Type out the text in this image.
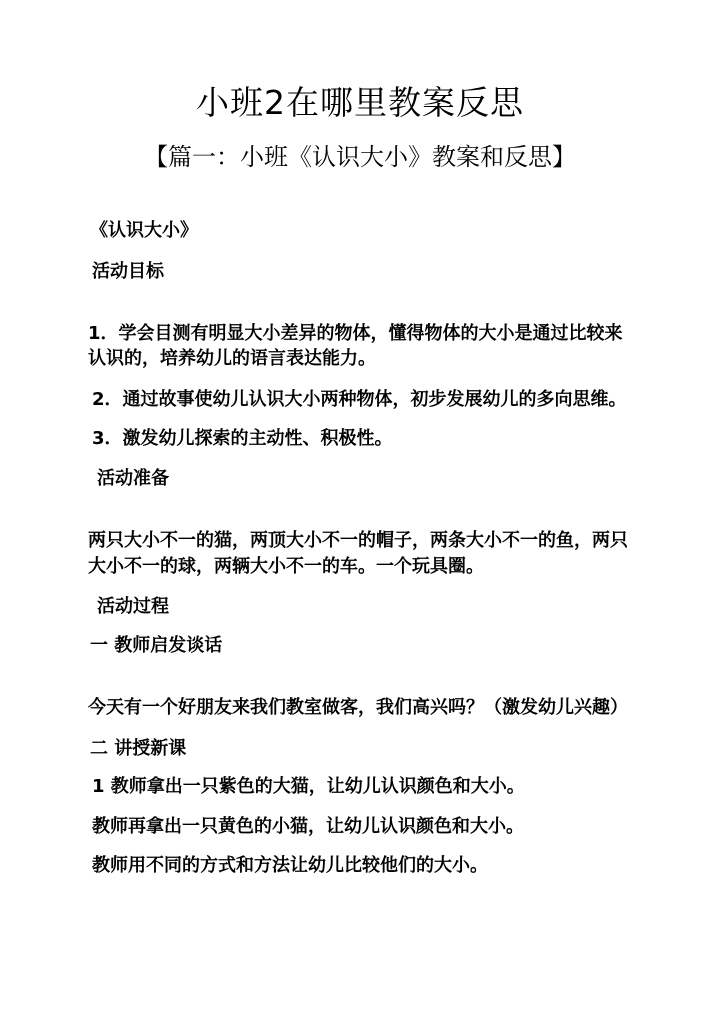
小班2在哪里教案反思
【篇一：小班《认识大小》教案和反思】

《认识大小》

活动目标

1．学会目测有明显大小差异的物体，懂得物体的大小是通过比较来

认识的，培养幼儿的语言表达能力。

2．通过故事使幼儿认识大小两种物体，初步发展幼儿的多向思维。

3．激发幼儿探索的主动性、积极性。

活动准备

两只大小不一的猫，两顶大小不一的帽子，两条大小不一的鱼，两只

大小不一的球，两辆大小不一的车。一个玩具圈。

活动过程

一 教师启发谈话

今天有一个好朋友来我们教室做客，我们高兴吗？（激发幼儿兴趣）

二 讲授新课

1 教师拿出一只紫色的大猫，让幼儿认识颜色和大小。

教师再拿出一只黄色的小猫，让幼儿认识颜色和大小。

教师用不同的方式和方法让幼儿比较他们的大小。
